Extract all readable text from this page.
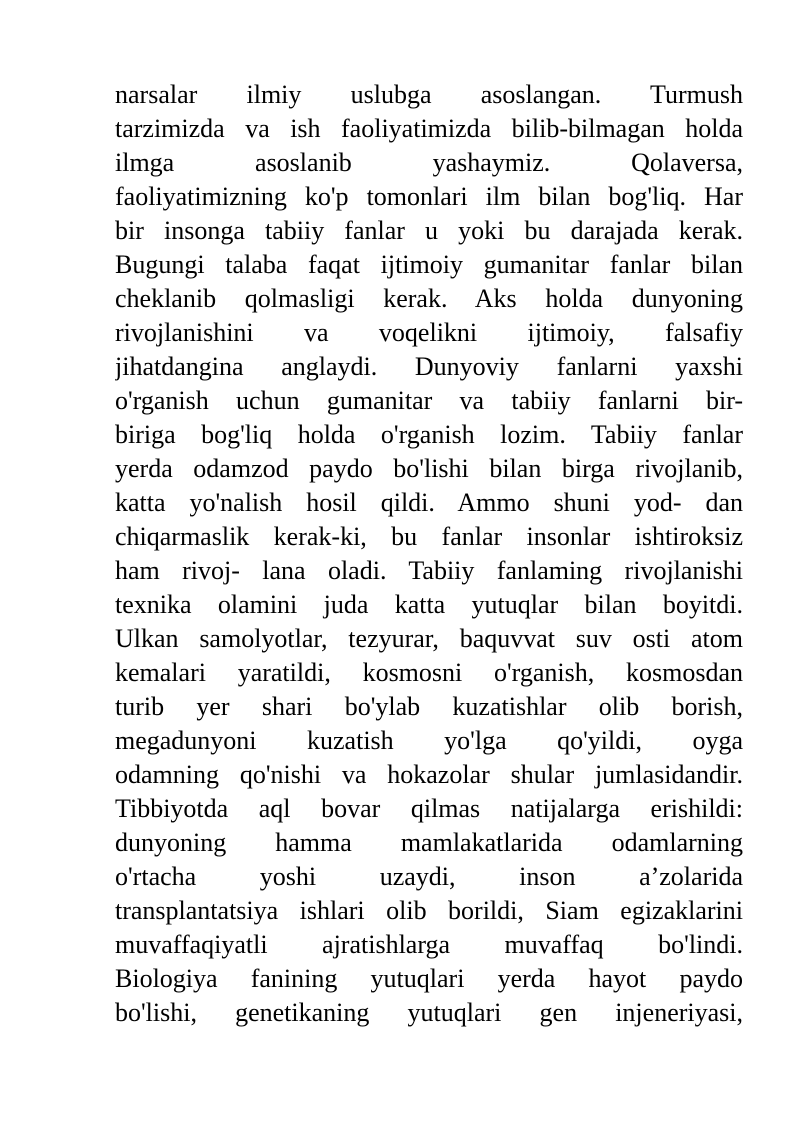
narsalar ilmiy uslubga asoslangan. Turmush
tarzimizda va ish faoliyatimizda bilib-bilmagan holda
ilmga asoslanib yashaymiz. Qolaversa,
faoliyatimizning ko'p tomonlari ilm bilan bog'liq. Har
bir insonga tabiiy fanlar u yoki bu darajada kerak.
Bugungi talaba faqat ijtimoiy gumanitar fanlar bilan
cheklanib qolmasligi kerak. Aks holda dunyoning
rivojlanishini va voqelikni ijtimoiy, falsafiy
jihatdangina anglaydi. Dunyoviy fanlarni yaxshi
o'rganish uchun gumanitar va tabiiy fanlarni bir-
biriga bog'liq holda o'rganish lozim. Tabiiy fanlar
yerda odamzod paydo bo'lishi bilan birga rivojlanib,
katta yo'nalish hosil qildi. Ammo shuni yod- dan
chiqarmaslik kerak-ki, bu fanlar insonlar ishtiroksiz
ham rivoj- lana oladi. Tabiiy fanlaming rivojlanishi
texnika olamini juda katta yutuqlar bilan boyitdi.
Ulkan samolyotlar, tezyurar, baquvvat suv osti atom
kemalari yaratildi, kosmosni o'rganish, kosmosdan
turib yer shari bo'ylab kuzatishlar olib borish,
megadunyoni kuzatish yo'lga qo'yildi, oyga
odamning qo'nishi va hokazolar shular jumlasidandir.
Tibbiyotda aql bovar qilmas natijalarga erishildi:
dunyoning hamma mamlakatlarida odamlarning
o'rtacha yoshi uzaydi, inson a’zolarida
transplantatsiya ishlari olib borildi, Siam egizaklarini
muvaffaqiyatli ajratishlarga muvaffaq bo'lindi.
Biologiya fanining yutuqlari yerda hayot paydo
bo'lishi, genetikaning yutuqlari gen injeneriyasi,
